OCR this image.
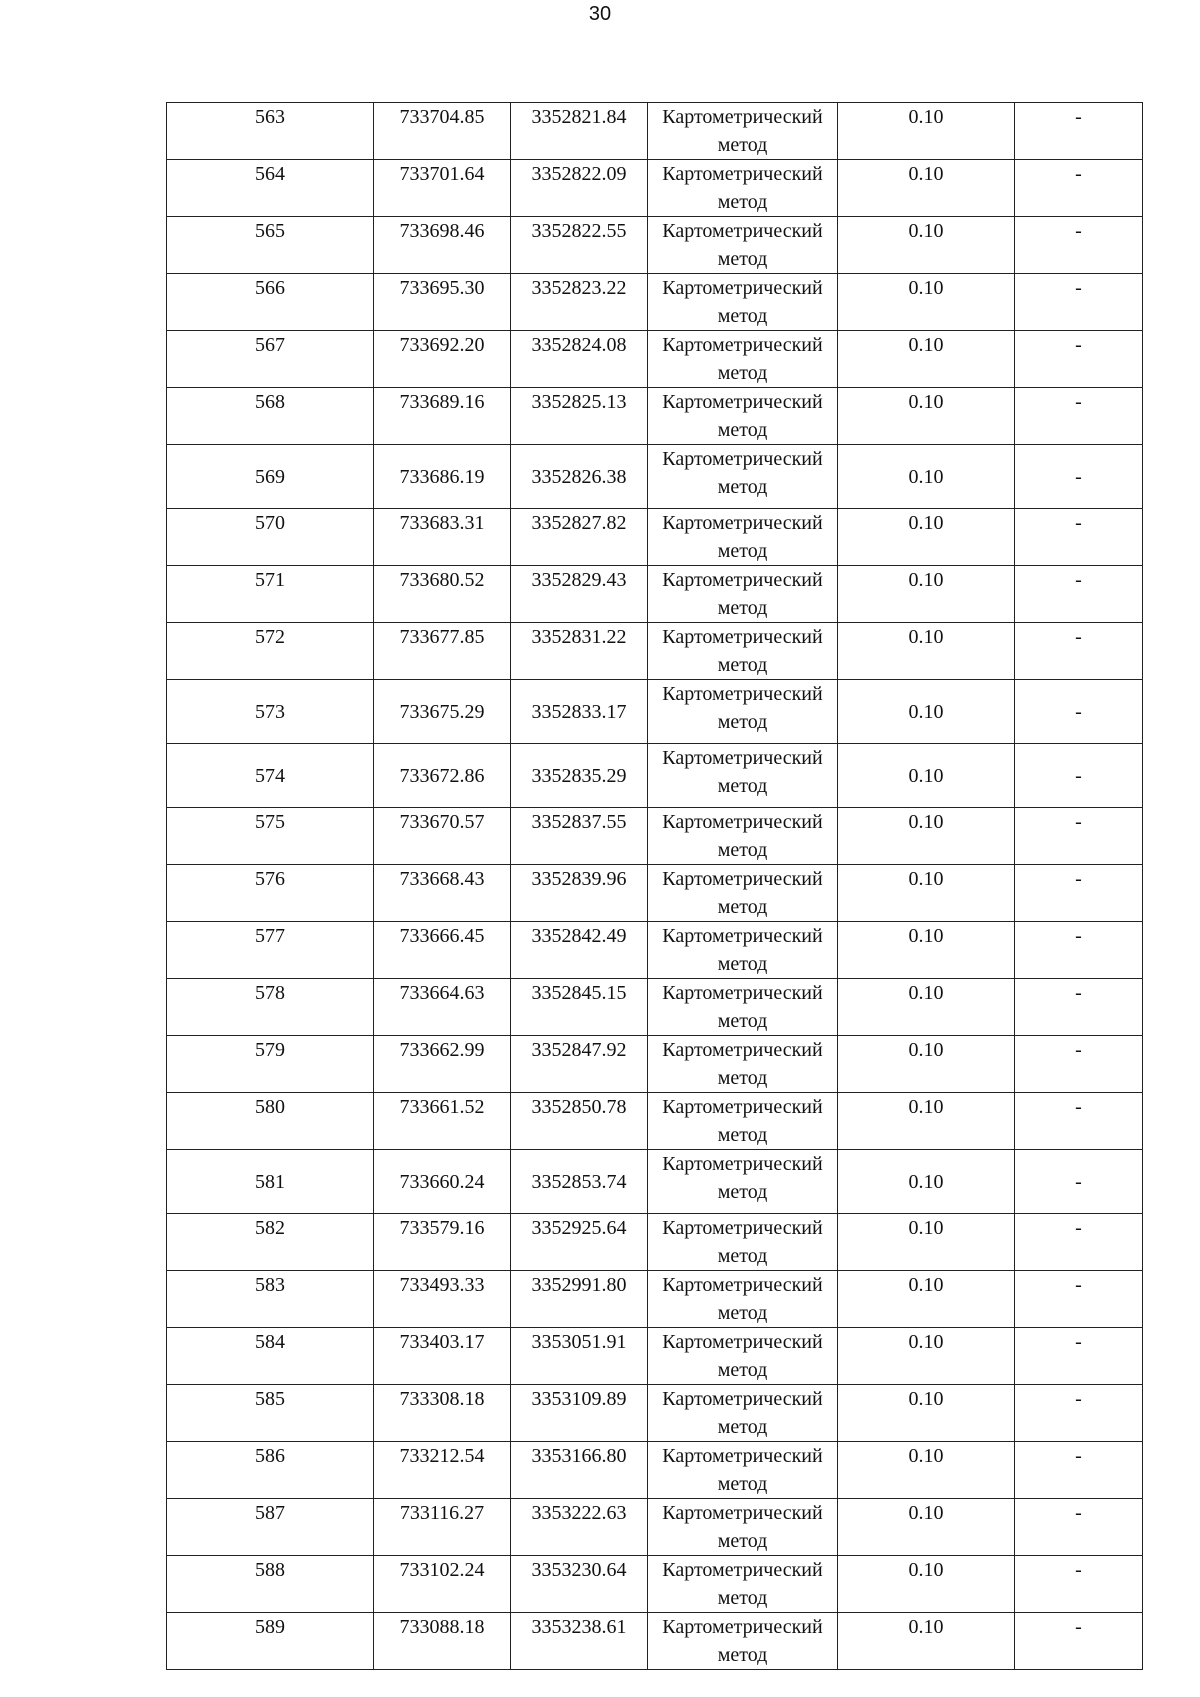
30
563	733704.85	3352821.84	Картометрический метод	0.10	-
564	733701.64	3352822.09	Картометрический метод	0.10	-
565	733698.46	3352822.55	Картометрический метод	0.10	-
566	733695.30	3352823.22	Картометрический метод	0.10	-
567	733692.20	3352824.08	Картометрический метод	0.10	-
568	733689.16	3352825.13	Картометрический метод	0.10	-
569	733686.19	3352826.38	Картометрический метод	0.10	-
570	733683.31	3352827.82	Картометрический метод	0.10	-
571	733680.52	3352829.43	Картометрический метод	0.10	-
572	733677.85	3352831.22	Картометрический метод	0.10	-
573	733675.29	3352833.17	Картометрический метод	0.10	-
574	733672.86	3352835.29	Картометрический метод	0.10	-
575	733670.57	3352837.55	Картометрический метод	0.10	-
576	733668.43	3352839.96	Картометрический метод	0.10	-
577	733666.45	3352842.49	Картометрический метод	0.10	-
578	733664.63	3352845.15	Картометрический метод	0.10	-
579	733662.99	3352847.92	Картометрический метод	0.10	-
580	733661.52	3352850.78	Картометрический метод	0.10	-
581	733660.24	3352853.74	Картометрический метод	0.10	-
582	733579.16	3352925.64	Картометрический метод	0.10	-
583	733493.33	3352991.80	Картометрический метод	0.10	-
584	733403.17	3353051.91	Картометрический метод	0.10	-
585	733308.18	3353109.89	Картометрический метод	0.10	-
586	733212.54	3353166.80	Картометрический метод	0.10	-
587	733116.27	3353222.63	Картометрический метод	0.10	-
588	733102.24	3353230.64	Картометрический метод	0.10	-
589	733088.18	3353238.61	Картометрический метод	0.10	-
